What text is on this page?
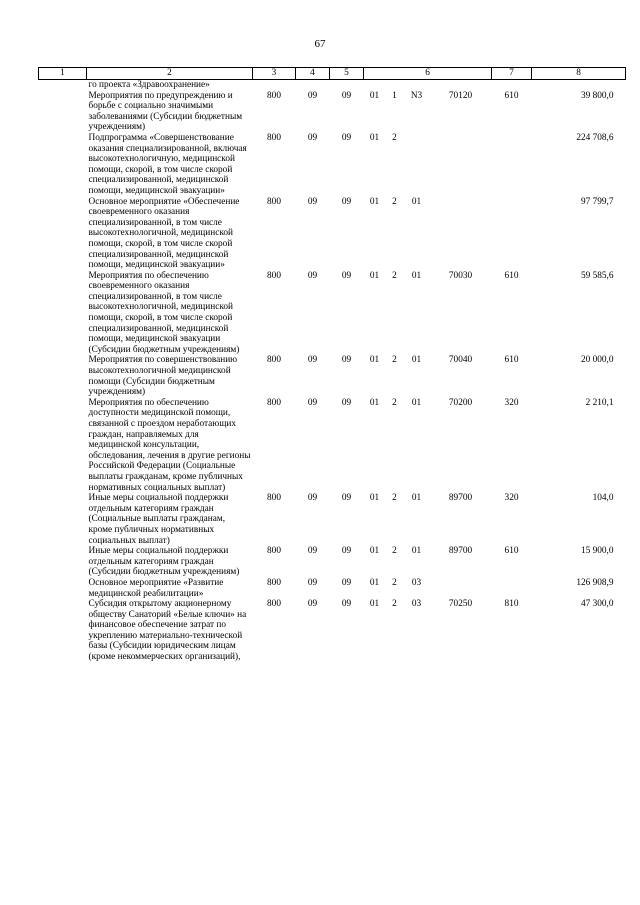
67
1	2	3	4	5	6				7	8
	го проекта «Здравоохранение»									
	Мероприятия по предупреждению и борьбе с социально значимыми заболеваниями (Субсидии бюджетным учреждениям)	800	09	09	01	1	N3	70120	610	39 800,0
	Подпрограмма «Совершенствование оказания специализированной, включая высокотехнологичную, медицинской помощи, скорой, в том числе скорой специализированной, медицинской помощи, медицинской эвакуации»	800	09	09	01	2				224 708,6
	Основное мероприятие «Обеспечение своевременного оказания специализированной, в том числе высокотехнологичной, медицинской помощи, скорой, в том числе скорой специализированной, медицинской помощи, медицинской эвакуации»	800	09	09	01	2	01			97 799,7
	Мероприятия по обеспечению своевременного оказания специализированной, в том числе высокотехнологичной, медицинской помощи, скорой, в том числе скорой специализированной, медицинской помощи, медицинской эвакуации (Субсидии бюджетным учреждениям)	800	09	09	01	2	01	70030	610	59 585,6
	Мероприятия по совершенствованию высокотехнологичной медицинской помощи (Субсидии бюджетным учреждениям)	800	09	09	01	2	01	70040	610	20 000,0
	Мероприятия по обеспечению доступности медицинской помощи, связанной с проездом неработающих граждан, направляемых для медицинской консультации, обследования, лечения в другие регионы Российской Федерации (Социальные выплаты гражданам, кроме публичных нормативных социальных выплат)	800	09	09	01	2	01	70200	320	2 210,1
	Иные меры социальной поддержки отдельным категориям граждан (Социальные выплаты гражданам, кроме публичных нормативных социальных выплат)	800	09	09	01	2	01	89700	320	104,0
	Иные меры социальной поддержки отдельным категориям граждан (Субсидии бюджетным учреждениям)	800	09	09	01	2	01	89700	610	15 900,0
	Основное мероприятие «Развитие медицинской реабилитации»	800	09	09	01	2	03			126 908,9
	Субсидия открытому акционерному обществу Санаторий «Белые ключи» на финансовое обеспечение затрат по укреплению материально-технической базы (Субсидии юридическим лицам (кроме некоммерческих организаций),	800	09	09	01	2	03	70250	810	47 300,0
